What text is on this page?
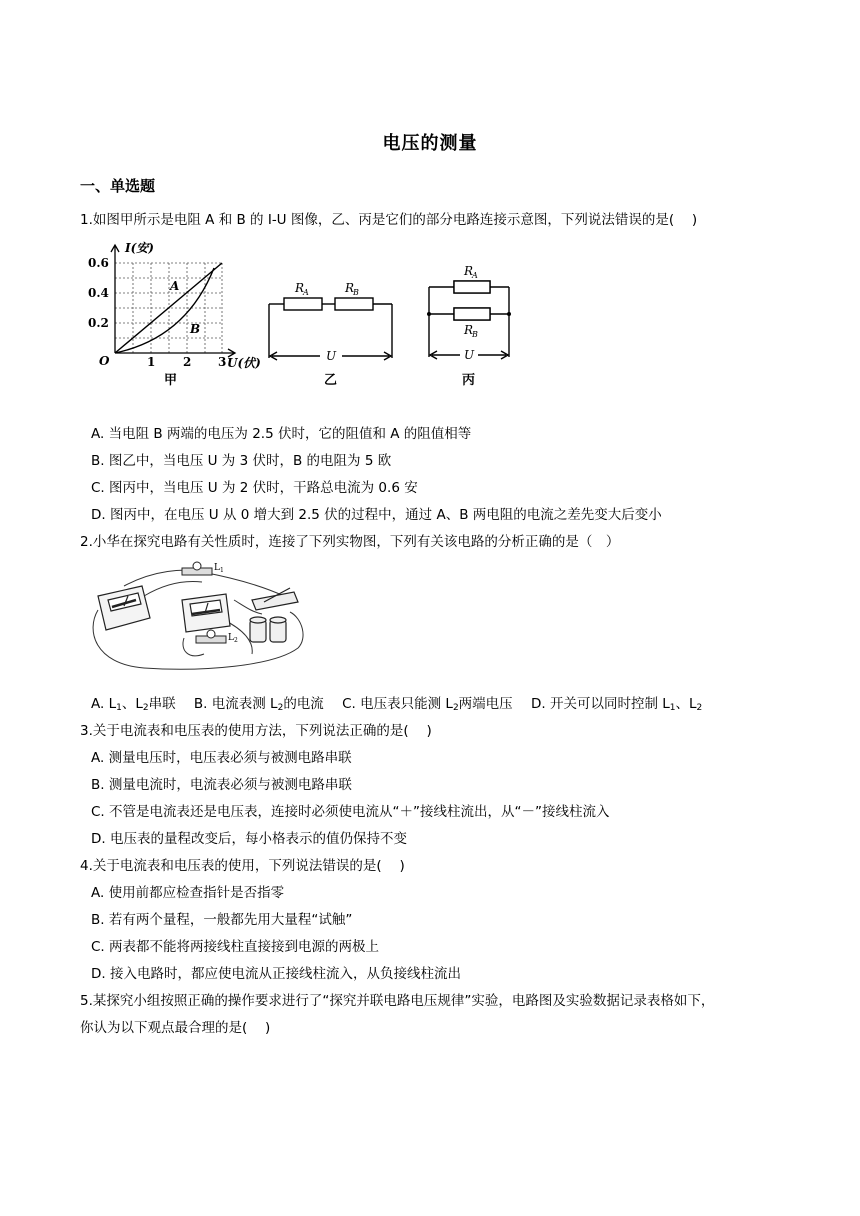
电压的测量
一、单选题
1.如图甲所示是电阻 A 和 B 的 I-U 图像，乙、丙是它们的部分电路连接示意图，下列说法错误的是(　 )
I(安)
0.6
0.4
0.2
O	1 2 3 U(伏)
A
B
甲
R
A	R
B
U
乙
R
A
R
B
U
丙
A. 当电阻 B 两端的电压为 2.5 伏时，它的阻值和 A 的阻值相等
B. 图乙中，当电压 U 为 3 伏时，B 的电阻为 5 欧
C. 图丙中，当电压 U 为 2 伏时，干路总电流为 0.6 安
D. 图丙中，在电压 U 从 0 增大到 2.5 伏的过程中，通过 A、B 两电阻的电流之差先变大后变小
2.小华在探究电路有关性质时，连接了下列实物图，下列有关该电路的分析正确的是（　）
L 1
L 2
A. $L_1$、$L_2$串联 B. 电流表测 $L_2$的电流 C. 电压表只能测 $L_2$两端电压 D. 开关可以同时控制 $L_1$、$L_2$
3.关于电流表和电压表的使用方法，下列说法正确的是(　 )
A. 测量电压时，电压表必须与被测电路串联
B. 测量电流时，电流表必须与被测电路串联
C. 不管是电流表还是电压表，连接时必须使电流从“＋”接线柱流出，从“－”接线柱流入
D. 电压表的量程改变后，每小格表示的值仍保持不变
4.关于电流表和电压表的使用，下列说法错误的是(　 )
A. 使用前都应检查指针是否指零
B. 若有两个量程，一般都先用大量程“试触”
C. 两表都不能将两接线柱直接接到电源的两极上
D. 接入电路时，都应使电流从正接线柱流入，从负接线柱流出
5.某探究小组按照正确的操作要求进行了“探究并联电路电压规律”实验，电路图及实验数据记录表格如下，
你认为以下观点最合理的是(　 )
